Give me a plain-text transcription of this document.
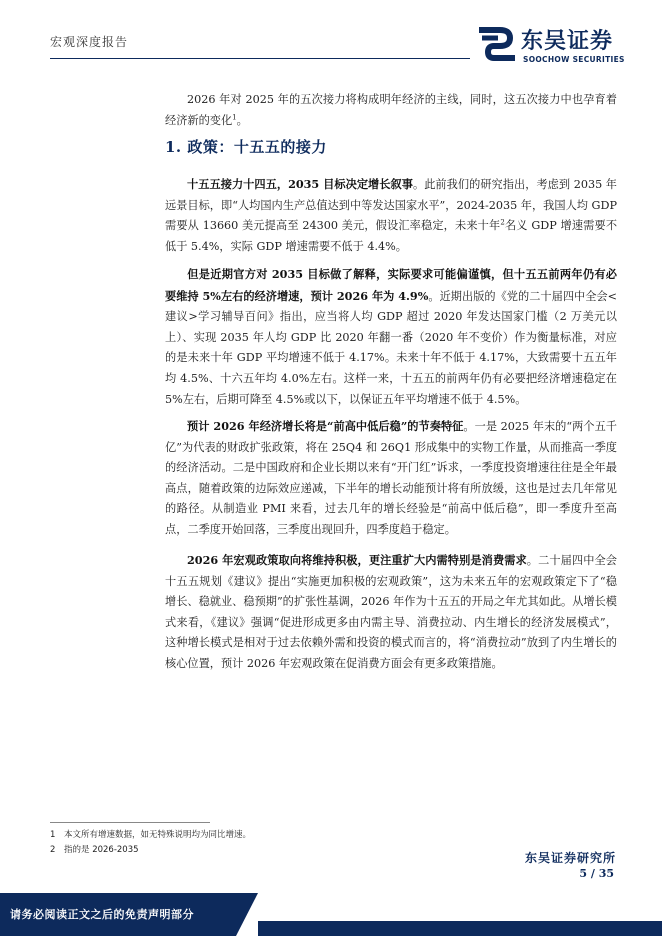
宏观深度报告	东吴证券
SOOCHOW SECURITIES
2026 年对 2025 年的五次接力将构成明年经济的主线，同时，这五次接力中也孕育着经济新的变化$^1$。
1. 政策：十五五的接力
十五五接力十四五，2035 目标决定增长叙事。此前我们的研究指出，考虑到 2035 年远景目标，即“人均国内生产总值达到中等发达国家水平”，2024-2035 年，我国人均 GDP 需要从 13660 美元提高至 24300 美元，假设汇率稳定，未来十年$^2$名义 GDP 增速需要不低于 5.4%，实际 GDP 增速需要不低于 4.4%。
但是近期官方对 2035 目标做了解释，实际要求可能偏谨慎，但十五五前两年仍有必要维持 5%左右的经济增速，预计 2026 年为 4.9%。近期出版的《党的二十届四中全会<建议>学习辅导百问》指出，应当将人均 GDP 超过 2020 年发达国家门槛（2 万美元以上）、实现 2035 年人均 GDP 比 2020 年翻一番（2020 年不变价）作为衡量标准，对应的是未来十年 GDP 平均增速不低于 4.17%。未来十年不低于 4.17%，大致需要十五五年均 4.5%、十六五年均 4.0%左右。这样一来，十五五的前两年仍有必要把经济增速稳定在 5%左右，后期可降至 4.5%或以下，以保证五年平均增速不低于 4.5%。
预计 2026 年经济增长将是“前高中低后稳”的节奏特征。一是 2025 年末的“两个五千亿”为代表的财政扩张政策，将在 25Q4 和 26Q1 形成集中的实物工作量，从而推高一季度的经济活动。二是中国政府和企业长期以来有“开门红”诉求，一季度投资增速往往是全年最高点，随着政策的边际效应递减，下半年的增长动能预计将有所放缓，这也是过去几年常见的路径。从制造业 PMI 来看，过去几年的增长经验是“前高中低后稳”，即一季度升至高点，二季度开始回落，三季度出现回升，四季度趋于稳定。
2026 年宏观政策取向将维持积极，更注重扩大内需特别是消费需求。二十届四中全会十五五规划《建议》提出“实施更加积极的宏观政策”，这为未来五年的宏观政策定下了“稳增长、稳就业、稳预期”的扩张性基调，2026 年作为十五五的开局之年尤其如此。从增长模式来看，《建议》强调“促进形成更多由内需主导、消费拉动、内生增长的经济发展模式”，这种增长模式是相对于过去依赖外需和投资的模式而言的，将“消费拉动”放到了内生增长的核心位置，预计 2026 年宏观政策在促消费方面会有更多政策措施。
1 本文所有增速数据，如无特殊说明均为同比增速。
2 指的是 2026-2035
东吴证券研究所
5 / 35
请务必阅读正文之后的免责声明部分
